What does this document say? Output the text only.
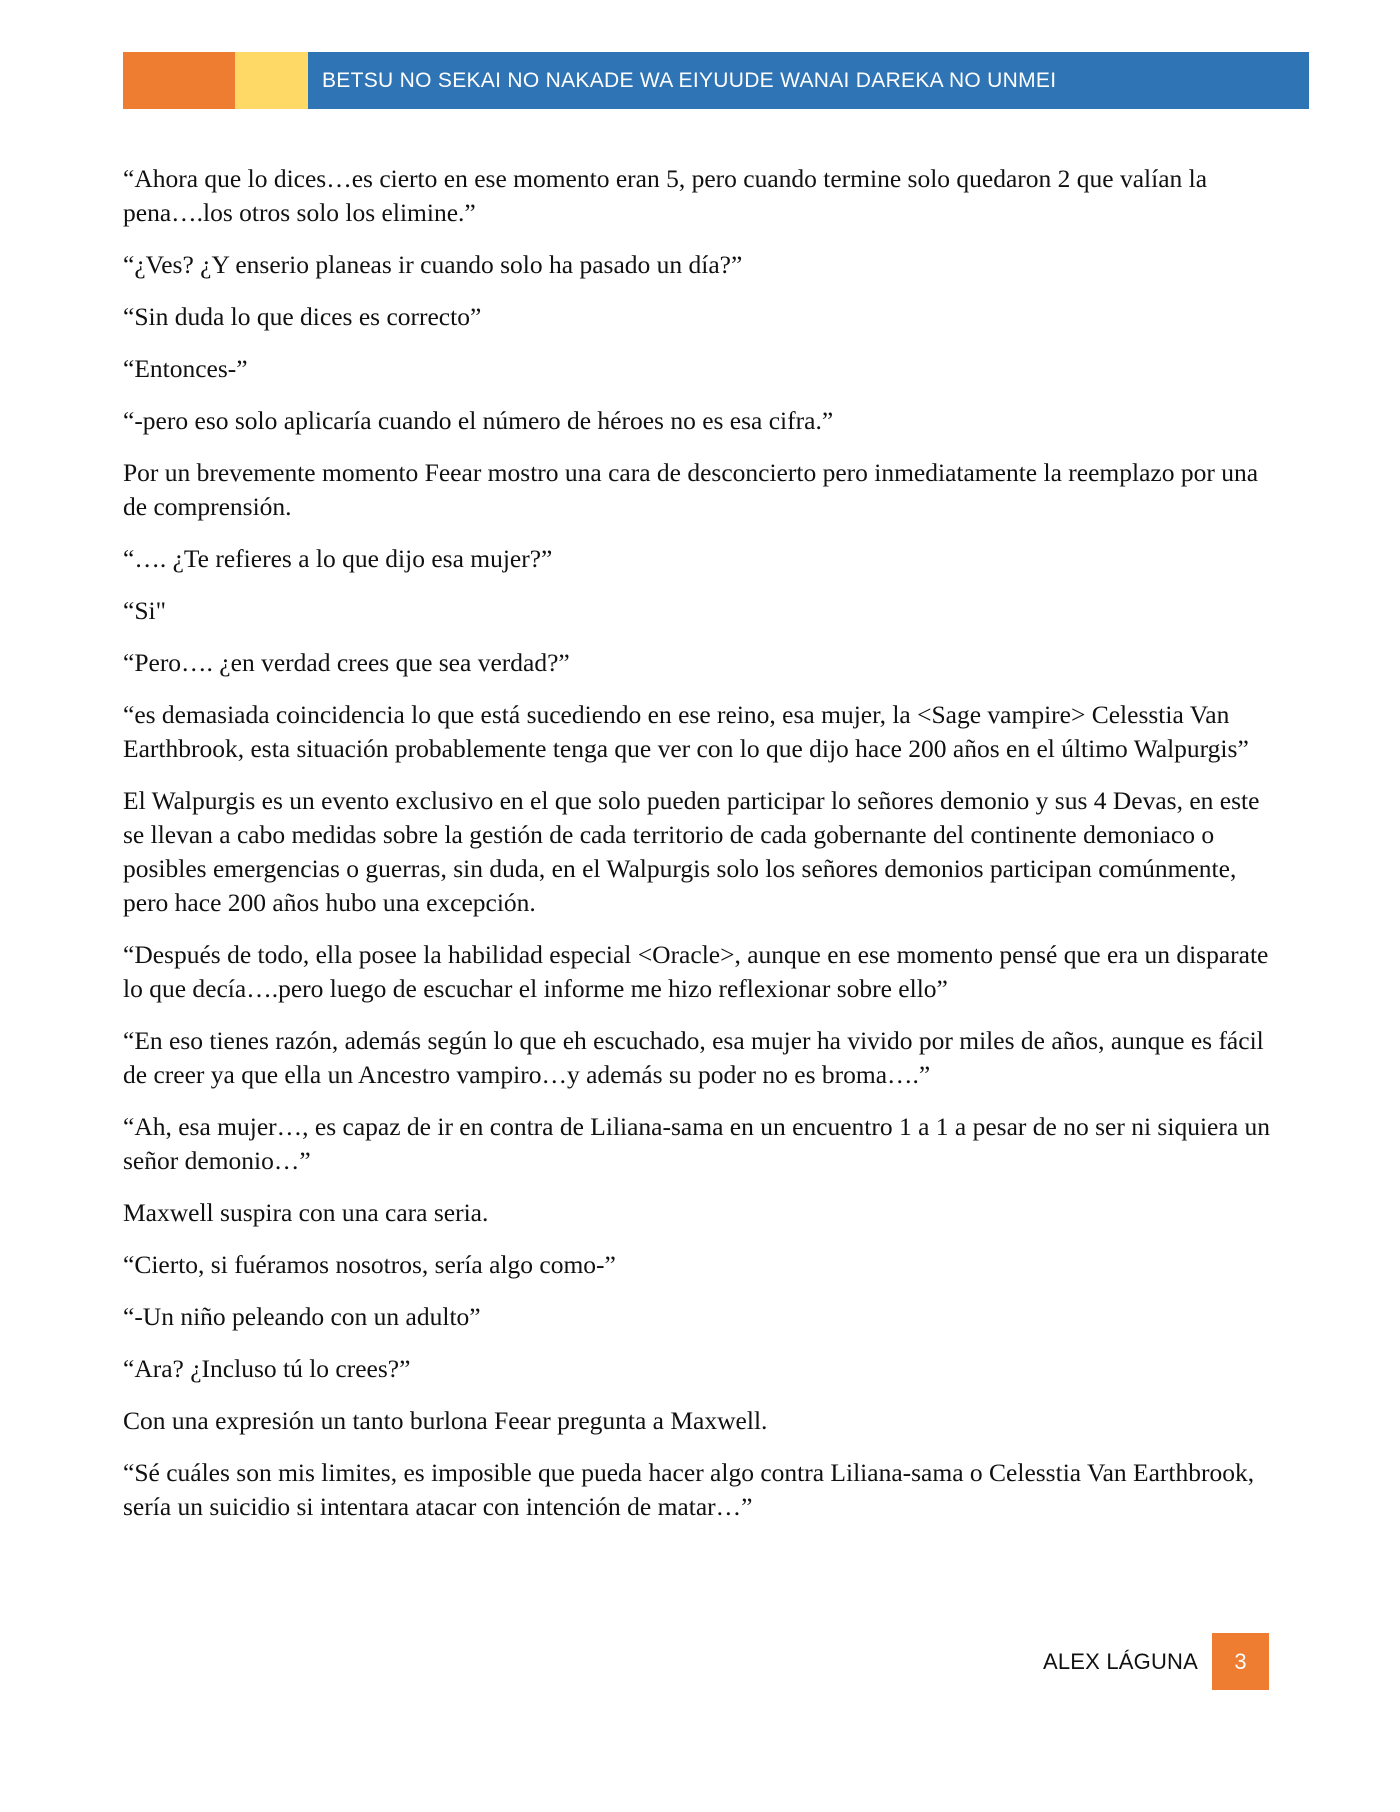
BETSU NO SEKAI NO NAKADE WA EIYUUDE WANAI DAREKA NO UNMEI

“Ahora que lo dices…es cierto en ese momento eran 5, pero cuando termine solo quedaron 2 que valían la pena….los otros solo los elimine.”

“¿Ves? ¿Y enserio planeas ir cuando solo ha pasado un día?”

“Sin duda lo que dices es correcto”

“Entonces-”

“-pero eso solo aplicaría cuando el número de héroes no es esa cifra.”

Por un brevemente momento Feear mostro una cara de desconcierto pero inmediatamente la reemplazo por una de comprensión.

“…. ¿Te refieres a lo que dijo esa mujer?”

“Si"

“Pero…. ¿en verdad crees que sea verdad?”

“es demasiada coincidencia lo que está sucediendo en ese reino, esa mujer, la <Sage vampire> Celesstia Van Earthbrook, esta situación probablemente tenga que ver con lo que dijo hace 200 años en el último Walpurgis”

El Walpurgis es un evento exclusivo en el que solo pueden participar lo señores demonio y sus 4 Devas, en este se llevan a cabo medidas sobre la gestión de cada territorio de cada gobernante del continente demoniaco o posibles emergencias o guerras, sin duda, en el Walpurgis solo los señores demonios participan comúnmente, pero hace 200 años hubo una excepción.

“Después de todo, ella posee la habilidad especial <Oracle>, aunque en ese momento pensé que era un disparate lo que decía….pero luego de escuchar el informe me hizo reflexionar sobre ello”

“En eso tienes razón, además según lo que eh escuchado, esa mujer ha vivido por miles de años, aunque es fácil de creer ya que ella un Ancestro vampiro…y además su poder no es broma….”

“Ah, esa mujer…, es capaz de ir en contra de Liliana-sama en un encuentro 1 a 1 a pesar de no ser ni siquiera un señor demonio…”

Maxwell suspira con una cara seria.

“Cierto, si fuéramos nosotros, sería algo como-”

“-Un niño peleando con un adulto”

“Ara? ¿Incluso tú lo crees?”

Con una expresión un tanto burlona Feear pregunta a Maxwell.

“Sé cuáles son mis limites, es imposible que pueda hacer algo contra Liliana-sama o Celesstia Van Earthbrook, sería un suicidio si intentara atacar con intención de matar…”

ALEX LÁGUNA 3
